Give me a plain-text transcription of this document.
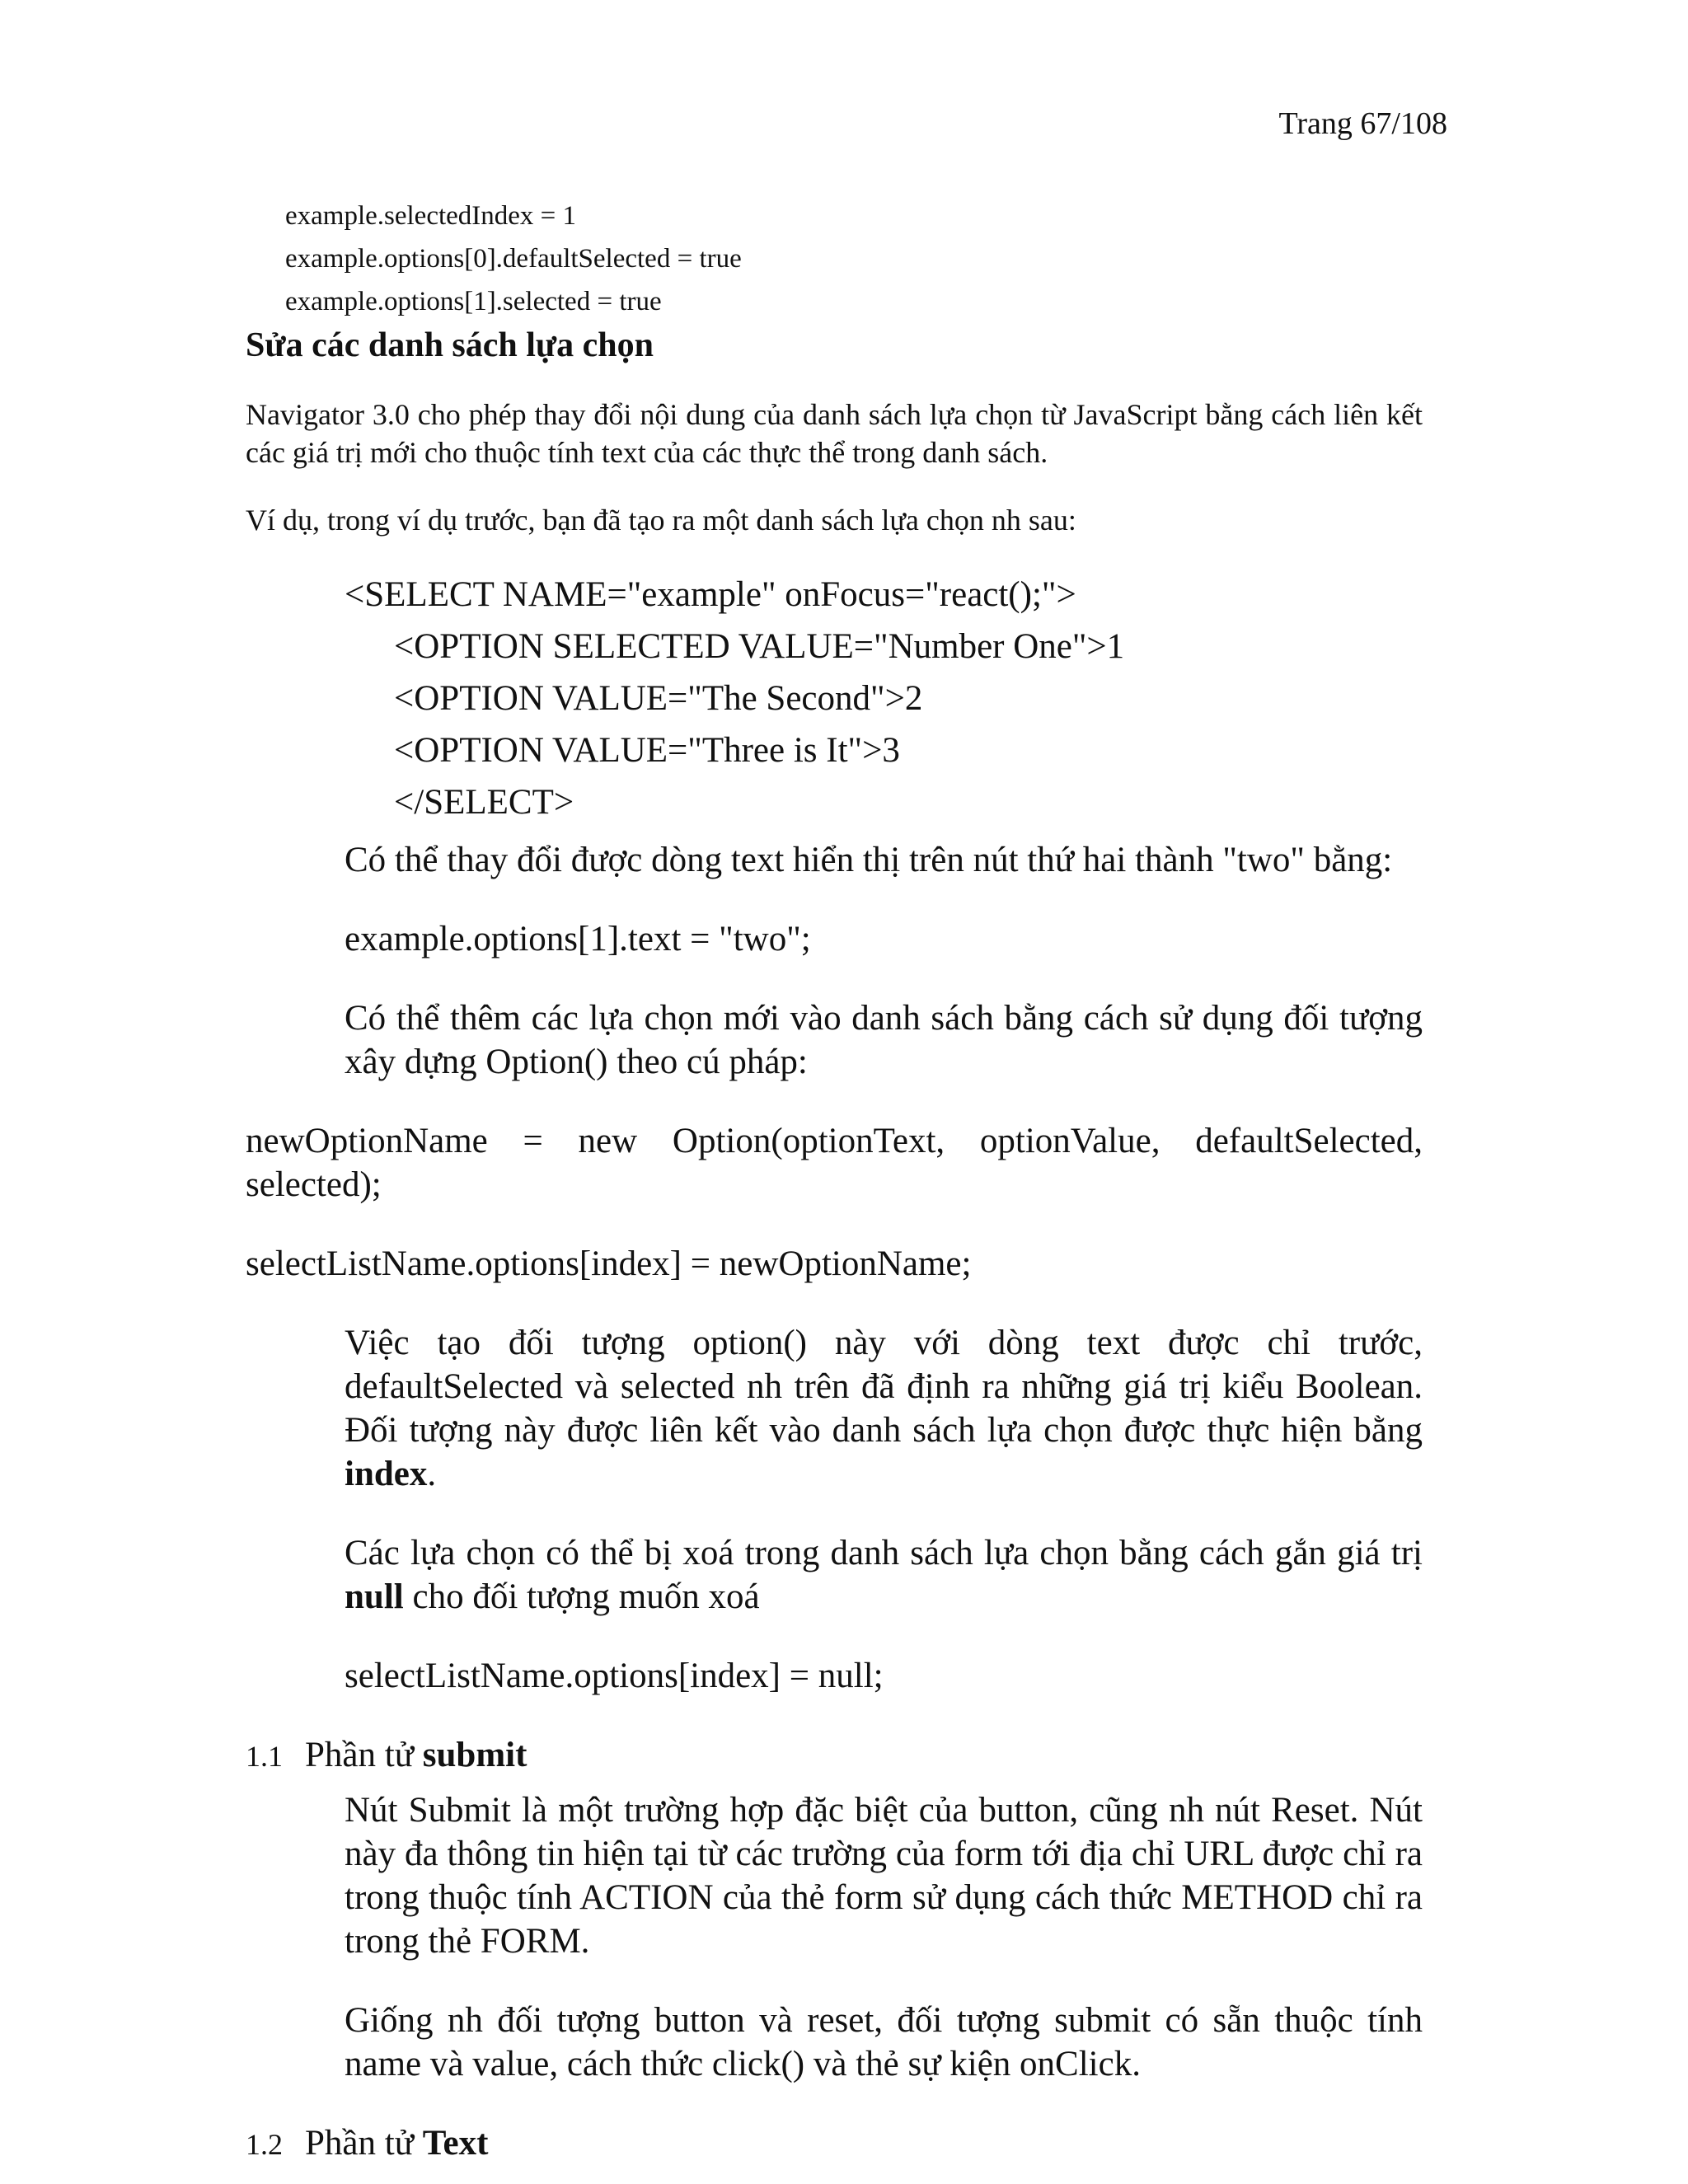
Trang 67/108

example.selectedIndex = 1

example.options[0].defaultSelected = true

example.options[1].selected = true

Sửa các danh sách lựa chọn

Navigator 3.0 cho phép thay đổi nội dung của danh sách lựa chọn từ JavaScript bằng cách liên kết các giá trị mới cho thuộc tính text của các thực thể trong danh sách.

Ví dụ, trong ví dụ trước, bạn đã tạo ra một danh sách lựa chọn nh sau:

<SELECT NAME="example" onFocus="react();">
<OPTION SELECTED VALUE="Number One">1
<OPTION VALUE="The Second">2
<OPTION VALUE="Three is It">3
</SELECT>

Có thể thay đổi được dòng text hiển thị trên nút thứ hai thành "two" bằng:

example.options[1].text = "two";

Có thể thêm các lựa chọn mới vào danh sách bằng cách sử dụng đối tượng xây dựng Option() theo cú pháp:

newOptionName = new Option(optionText, optionValue, defaultSelected, selected);

selectListName.options[index] = newOptionName;

Việc tạo đối tượng option() này với dòng text được chỉ trước, defaultSelected và selected nh trên đã định ra những giá trị kiểu Boolean. Đối tượng này được liên kết vào danh sách lựa chọn được thực hiện bằng index.

Các lựa chọn có thể bị xoá trong danh sách lựa chọn bằng cách gắn giá trị null cho đối tượng muốn xoá

selectListName.options[index] = null;

1.1 Phần tử submit

Nút Submit là một trường hợp đặc biệt của button, cũng nh nút Reset. Nút này đa thông tin hiện tại từ các trường của form tới địa chỉ URL được chỉ ra trong thuộc tính ACTION của thẻ form sử dụng cách thức METHOD chỉ ra trong thẻ FORM.

Giống nh đối tượng button và reset, đối tượng submit có sẵn thuộc tính name và value, cách thức click() và thẻ sự kiện onClick.

1.2 Phần tử Text
